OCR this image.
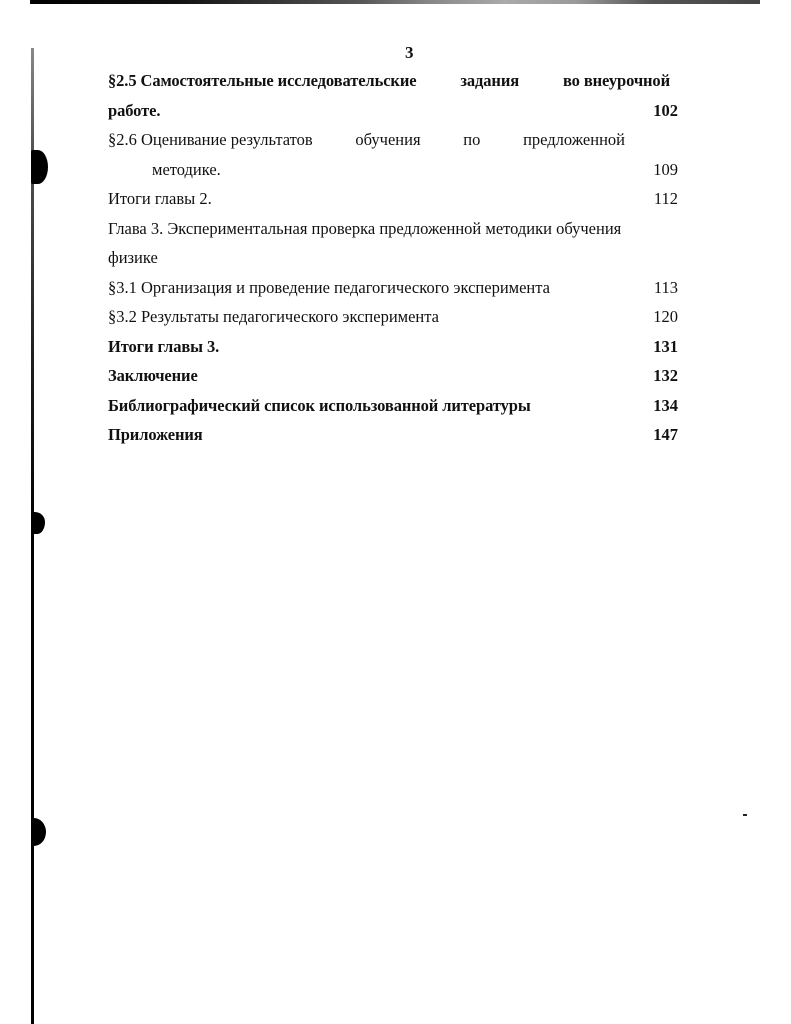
3
§2.5 Самостоятельные исследовательские	задания	во внеурочной
работе.	102
§2.6 Оценивание результатов	обучения	по	предложенной
методике.	109
Итоги главы 2.	112
Глава 3. Экспериментальная проверка предложенной методики обучения
физике
§3.1 Организация и проведение педагогического эксперимента	113
§3.2 Результаты педагогического эксперимента	120
Итоги главы 3.	131
Заключение	132
Библиографический список использованной литературы	134
Приложения	147
